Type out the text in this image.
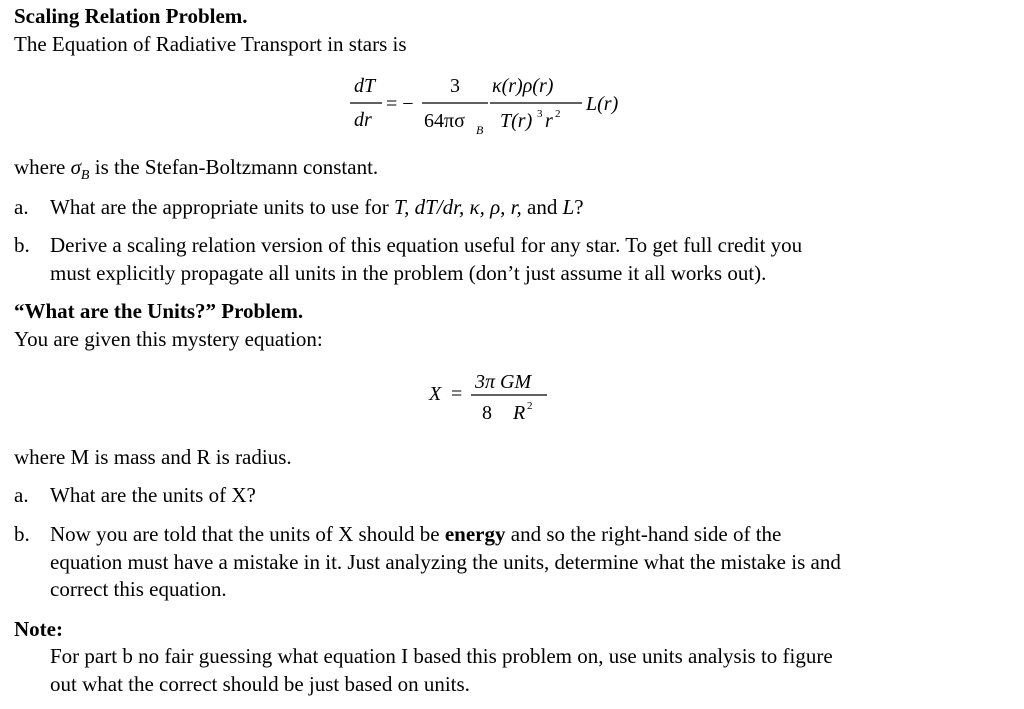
Scaling Relation Problem.
The Equation of Radiative Transport in stars is
dT
dr
= −
3
64πσ B
κ(r)ρ(r)
T(r) 3 r 2 L(r)
where $\sigma_B$ is the Stefan-Boltzmann constant.
a. What are the appropriate units to use for T, dT/dr, κ, ρ, r, and L?
b. Derive a scaling relation version of this equation useful for any star. To get full credit you
must explicitly propagate all units in the problem (don’t just assume it all works out).
“What are the Units?” Problem.
You are given this mystery equation:
X =
3π GM
8 R 2
where M is mass and R is radius.
a. What are the units of X?
b. Now you are told that the units of X should be energy and so the right-hand side of the
equation must have a mistake in it. Just analyzing the units, determine what the mistake is and
correct this equation.
Note:
For part b no fair guessing what equation I based this problem on, use units analysis to figure
out what the correct should be just based on units.
